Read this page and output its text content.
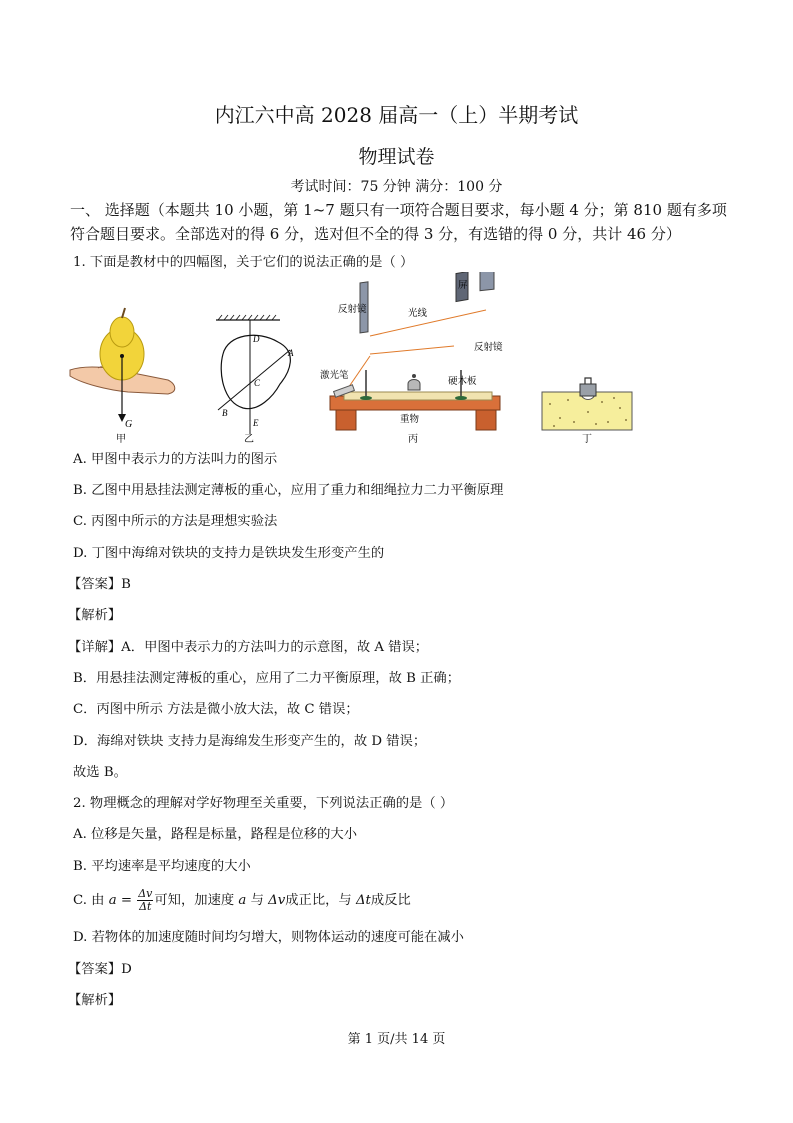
内江六中高 2028 届高一（上）半期考试
物理试卷
考试时间：75 分钟 满分：100 分
一、 选择题（本题共 10 小题，第 1~7 题只有一项符合题目要求，每小题 4 分；第 810 题有多项符合题目要求。全部选对的得 6 分，选对但不全的得 3 分，有选错的得 0 分，共计 46 分）
1. 下面是教材中的四幅图，关于它们的说法正确的是（ ）
G
甲
D
A
C
B
E
乙
反射镜	光线
屏
反射镜
激光笔
硬木板
重物
丙	丁
A. 甲图中表示力的方法叫力的图示
B. 乙图中用悬挂法测定薄板的重心，应用了重力和细绳拉力二力平衡原理
C. 丙图中所示的方法是理想实验法
D. 丁图中海绵对铁块的支持力是铁块发生形变产生的
【答案】B
【解析】
【详解】A．甲图中表示力的方法叫力的示意图，故 A 错误；
B．用悬挂法测定薄板的重心，应用了二力平衡原理，故 B 正确；
C．丙图中所示 方法是微小放大法，故 C 错误；
D．海绵对铁块 支持力是海绵发生形变产生的，故 D 错误；
故选 B。
2. 物理概念的理解对学好物理至关重要，下列说法正确的是（ ）
A. 位移是矢量，路程是标量，路程是位移的大小
B. 平均速率是平均速度的大小
C. 由 $a = \frac{\Delta v}{\Delta t}$ 可知，加速度 a 与 Δv成正比，与 Δt成反比
D. 若物体的加速度随时间均匀增大，则物体运动的速度可能在减小
【答案】D
【解析】
第 1 页/共 14 页
